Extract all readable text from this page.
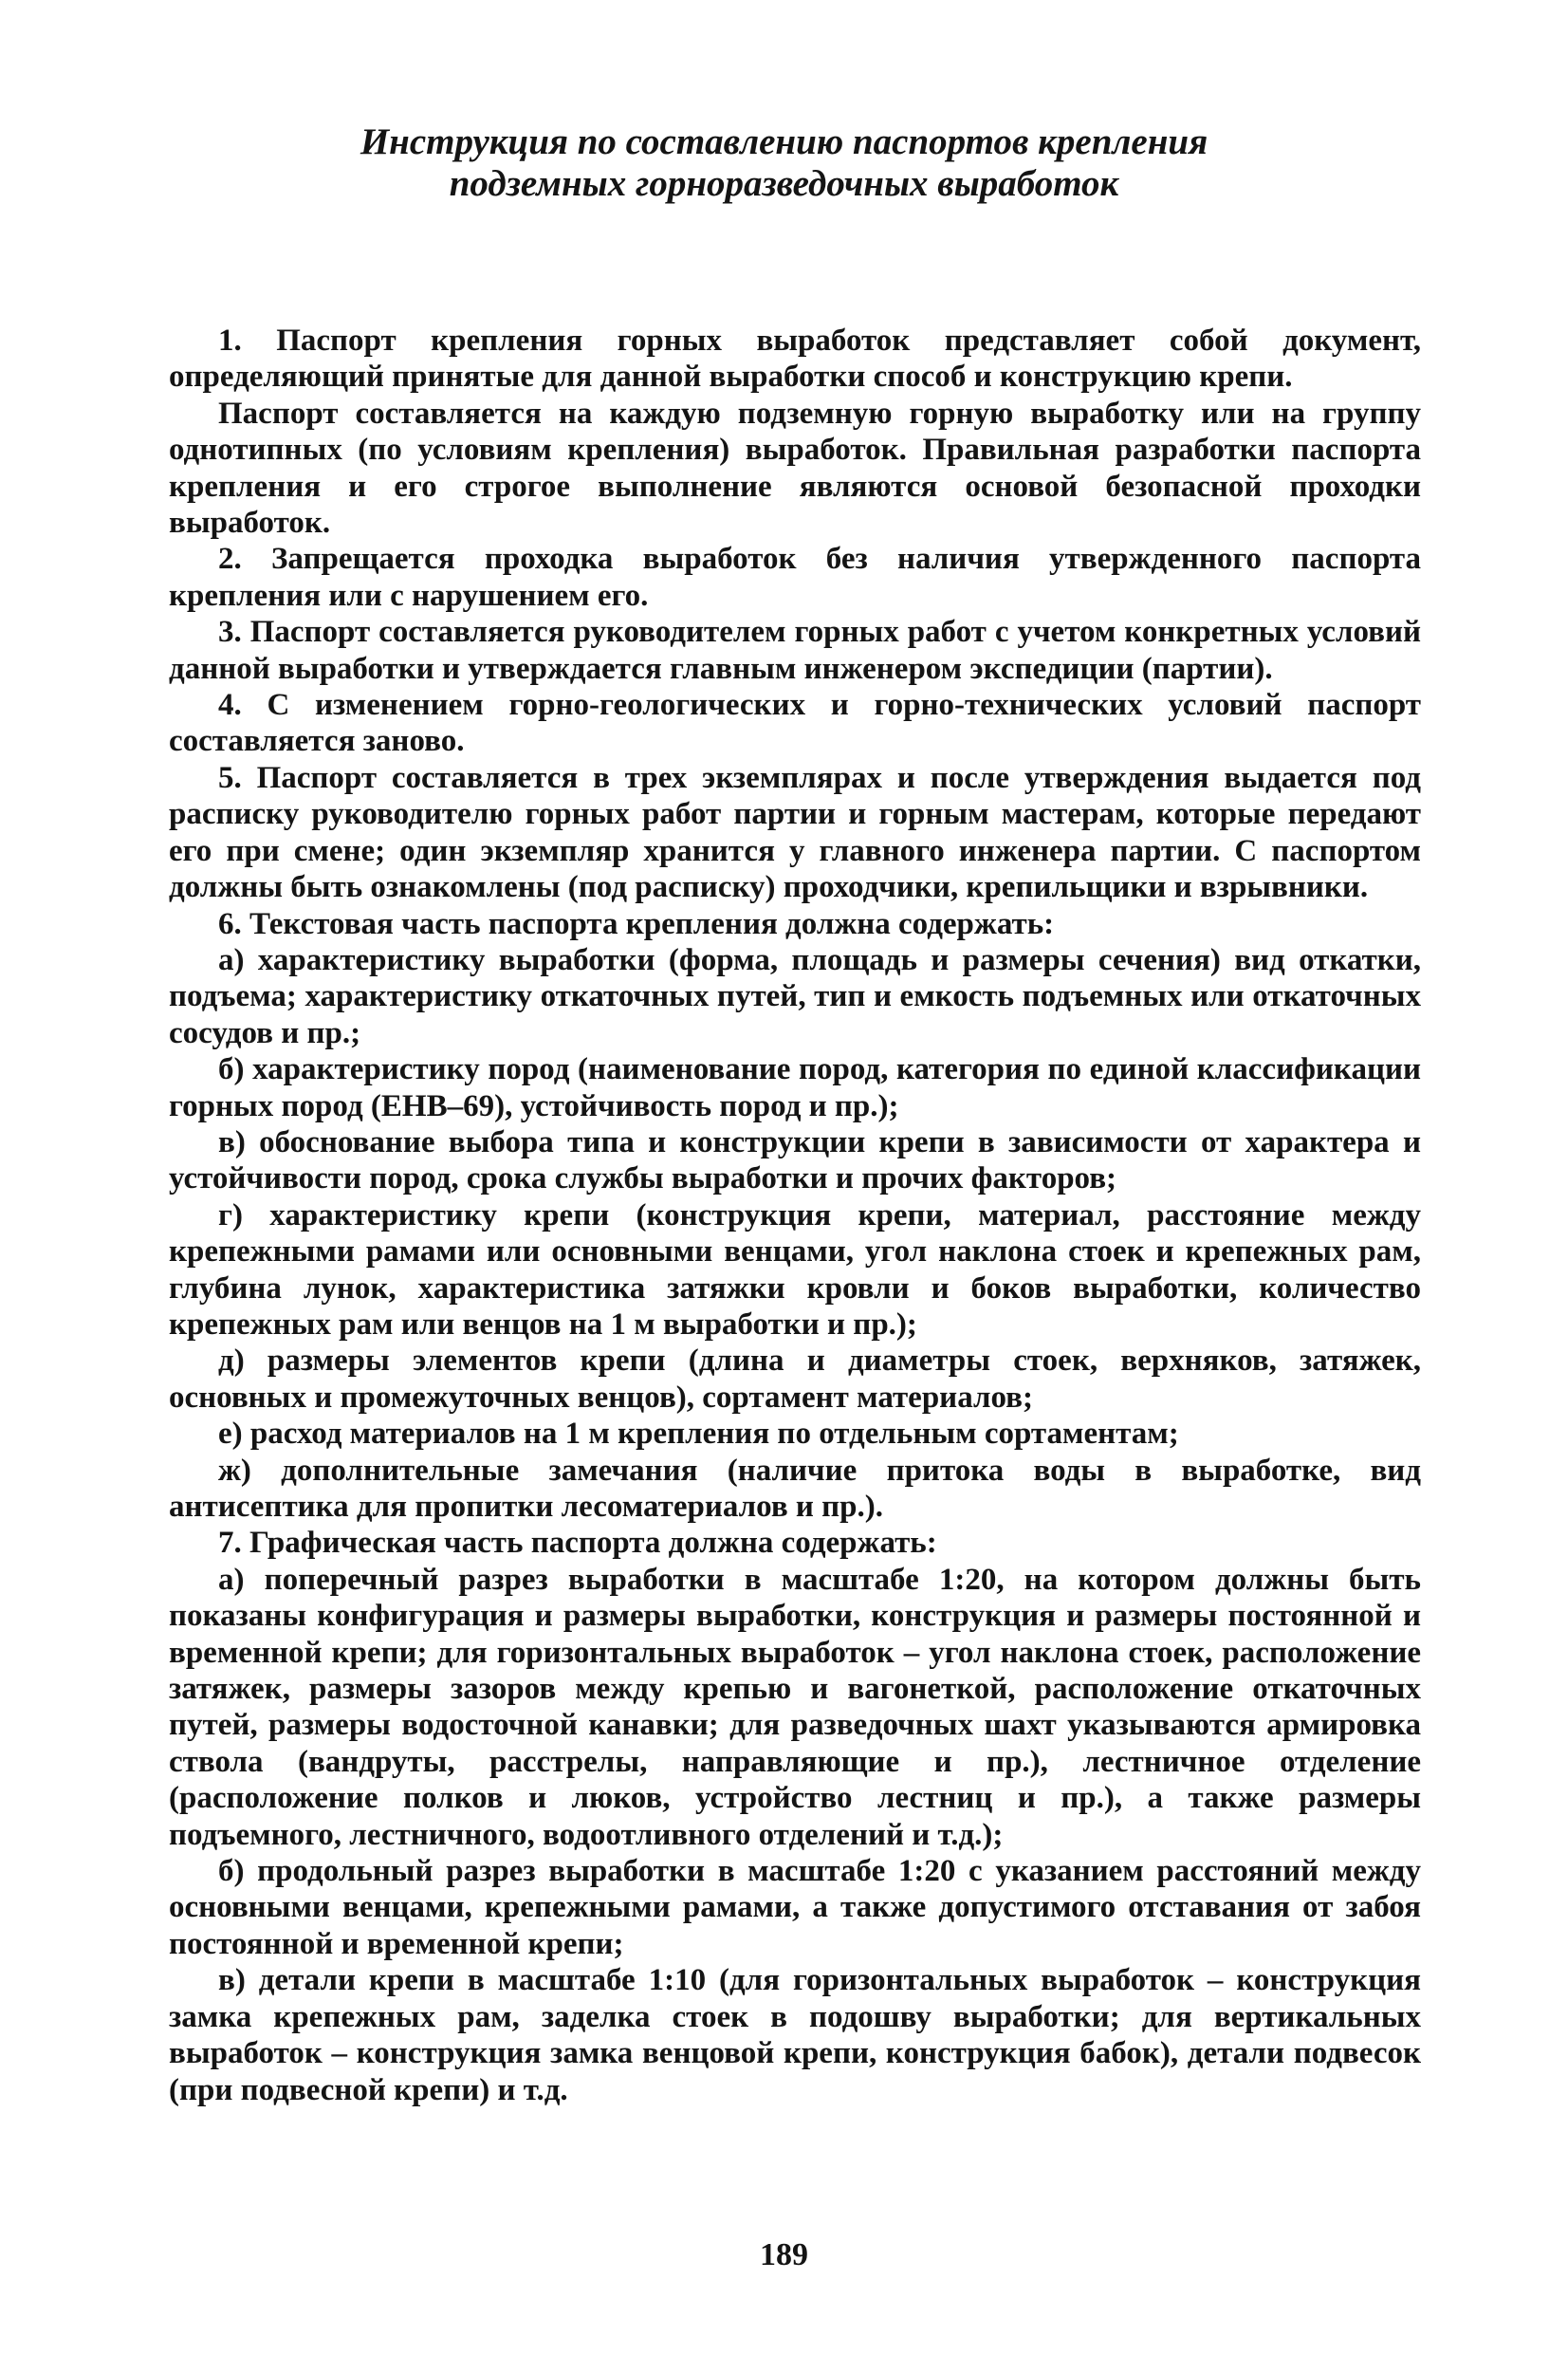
Инструкция по составлению паспортов крепления
подземных горноразведочных выработок

1. Паспорт крепления горных выработок представляет собой документ, определяющий принятые для данной выработки способ и конструкцию крепи.

Паспорт составляется на каждую подземную горную выработку или на группу однотипных (по условиям крепления) выработок. Правильная разработки паспорта крепления и его строгое выполнение являются основой безопасной проходки выработок.

2. Запрещается проходка выработок без наличия утвержденного паспорта крепления или с нарушением его.

3. Паспорт составляется руководителем горных работ с учетом конкретных условий данной выработки и утверждается главным инженером экспедиции (партии).

4. С изменением горно-геологических и горно-технических условий паспорт составляется заново.

5. Паспорт составляется в трех экземплярах и после утверждения выдается под расписку руководителю горных работ партии и горным мастерам, которые передают его при смене; один экземпляр хранится у главного инженера партии. С паспортом должны быть ознакомлены (под расписку) проходчики, крепильщики и взрывники.

6. Текстовая часть паспорта крепления должна содержать:

а) характеристику выработки (форма, площадь и размеры сечения) вид откатки, подъема; характеристику откаточных путей, тип и емкость подъемных или откаточных сосудов и пр.;

б) характеристику пород (наименование пород, категория по единой классификации горных пород (ЕНВ–69), устойчивость пород и пр.);

в) обоснование выбора типа и конструкции крепи в зависимости от характера и устойчивости пород, срока службы выработки и прочих факторов;

г) характеристику крепи (конструкция крепи, материал, расстояние между крепежными рамами или основными венцами, угол наклона стоек и крепежных рам, глубина лунок, характеристика затяжки кровли и боков выработки, количество крепежных рам или венцов на 1 м выработки и пр.);

д) размеры элементов крепи (длина и диаметры стоек, верхняков, затяжек, основных и промежуточных венцов), сортамент материалов;

е) расход материалов на 1 м крепления по отдельным сортаментам;

ж) дополнительные замечания (наличие притока воды в выработке, вид антисептика для пропитки лесоматериалов и пр.).

7. Графическая часть паспорта должна содержать:

а) поперечный разрез выработки в масштабе 1:20, на котором должны быть показаны конфигурация и размеры выработки, конструкция и размеры постоянной и временной крепи; для горизонтальных выработок – угол наклона стоек, расположение затяжек, размеры зазоров между крепью и вагонеткой, расположение откаточных путей, размеры водосточной канавки; для разведочных шахт указываются армировка ствола (вандруты, расстрелы, направляющие и пр.), лестничное отделение (расположение полков и люков, устройство лестниц и пр.), а также размеры подъемного, лестничного, водоотливного отделений и т.д.);

б) продольный разрез выработки в масштабе 1:20 с указанием расстояний между основными венцами, крепежными рамами, а также допустимого отставания от забоя постоянной и временной крепи;

в) детали крепи в масштабе 1:10 (для горизонтальных выработок – конструкция замка крепежных рам, заделка стоек в подошву выработки; для вертикальных выработок – конструкция замка венцовой крепи, конструкция бабок), детали подвесок (при подвесной крепи) и т.д.

189
